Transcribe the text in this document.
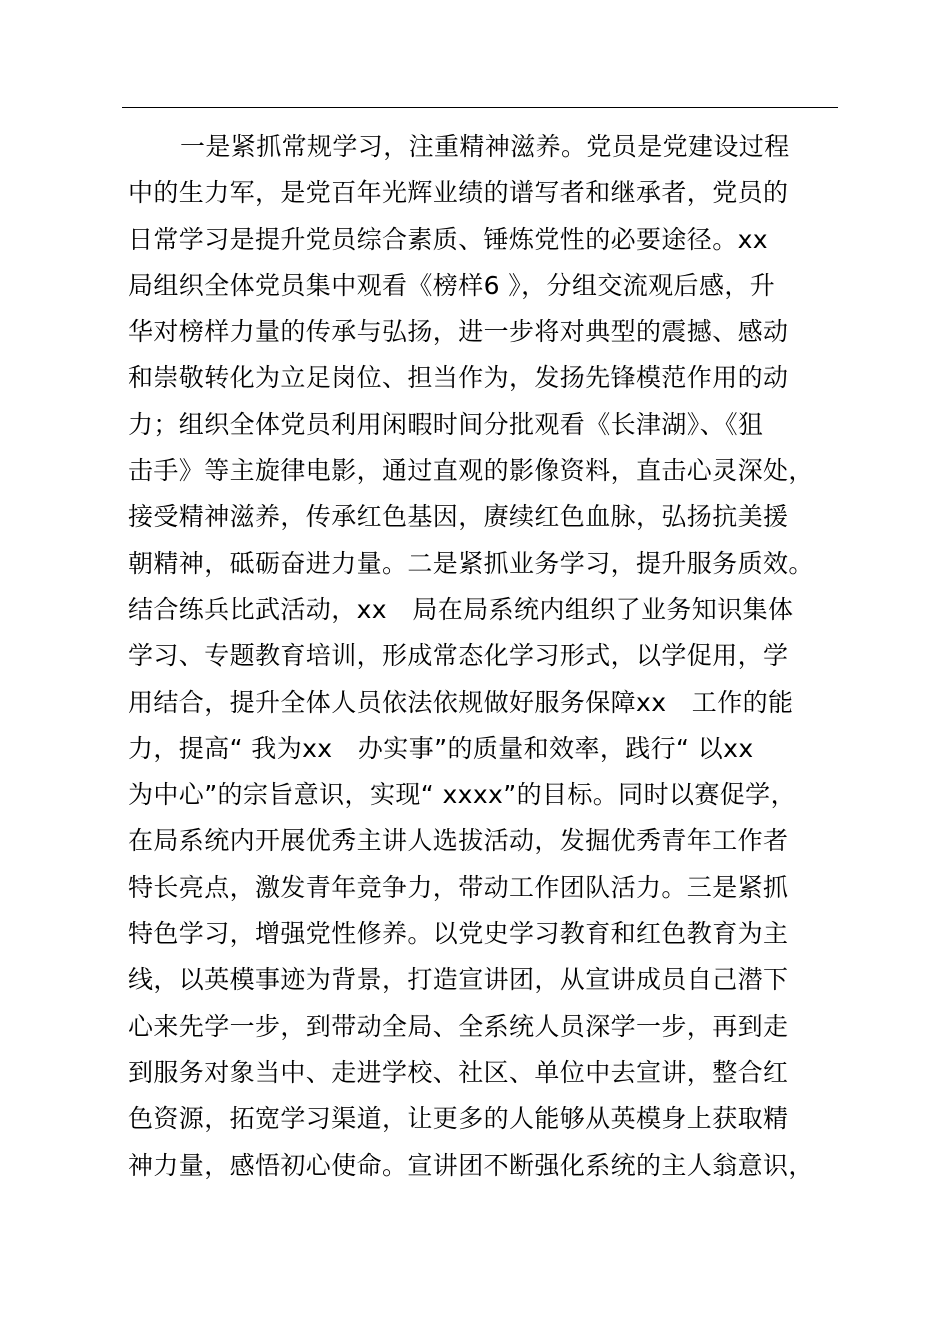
一是紧抓常规学习，注重精神滋养。党员是党建设过程
中的生力军，是党百年光辉业绩的谱写者和继承者，党员的
日常学习是提升党员综合素质、锤炼党性的必要途径。xx
局组织全体党员集中观看《榜样6 》，分组交流观后感，升
华对榜样力量的传承与弘扬，进一步将对典型的震撼、感动
和崇敬转化为立足岗位、担当作为，发扬先锋模范作用的动
力；组织全体党员利用闲暇时间分批观看《长津湖》、《狙
击手》等主旋律电影，通过直观的影像资料，直击心灵深处，
接受精神滋养，传承红色基因，赓续红色血脉，弘扬抗美援
朝精神，砥砺奋进力量。二是紧抓业务学习，提升服务质效。
结合练兵比武活动，xx　局在局系统内组织了业务知识集体
学习、专题教育培训，形成常态化学习形式，以学促用，学
用结合，提升全体人员依法依规做好服务保障xx　工作的能
力，提高“ 我为xx　办实事”的质量和效率，践行“ 以xx
为中心”的宗旨意识，实现“ xxxx”的目标。同时以赛促学，
在局系统内开展优秀主讲人选拔活动，发掘优秀青年工作者
特长亮点，激发青年竞争力，带动工作团队活力。三是紧抓
特色学习，增强党性修养。以党史学习教育和红色教育为主
线，以英模事迹为背景，打造宣讲团，从宣讲成员自己潜下
心来先学一步，到带动全局、全系统人员深学一步，再到走
到服务对象当中、走进学校、社区、单位中去宣讲，整合红
色资源，拓宽学习渠道，让更多的人能够从英模身上获取精
神力量，感悟初心使命。宣讲团不断强化系统的主人翁意识，
